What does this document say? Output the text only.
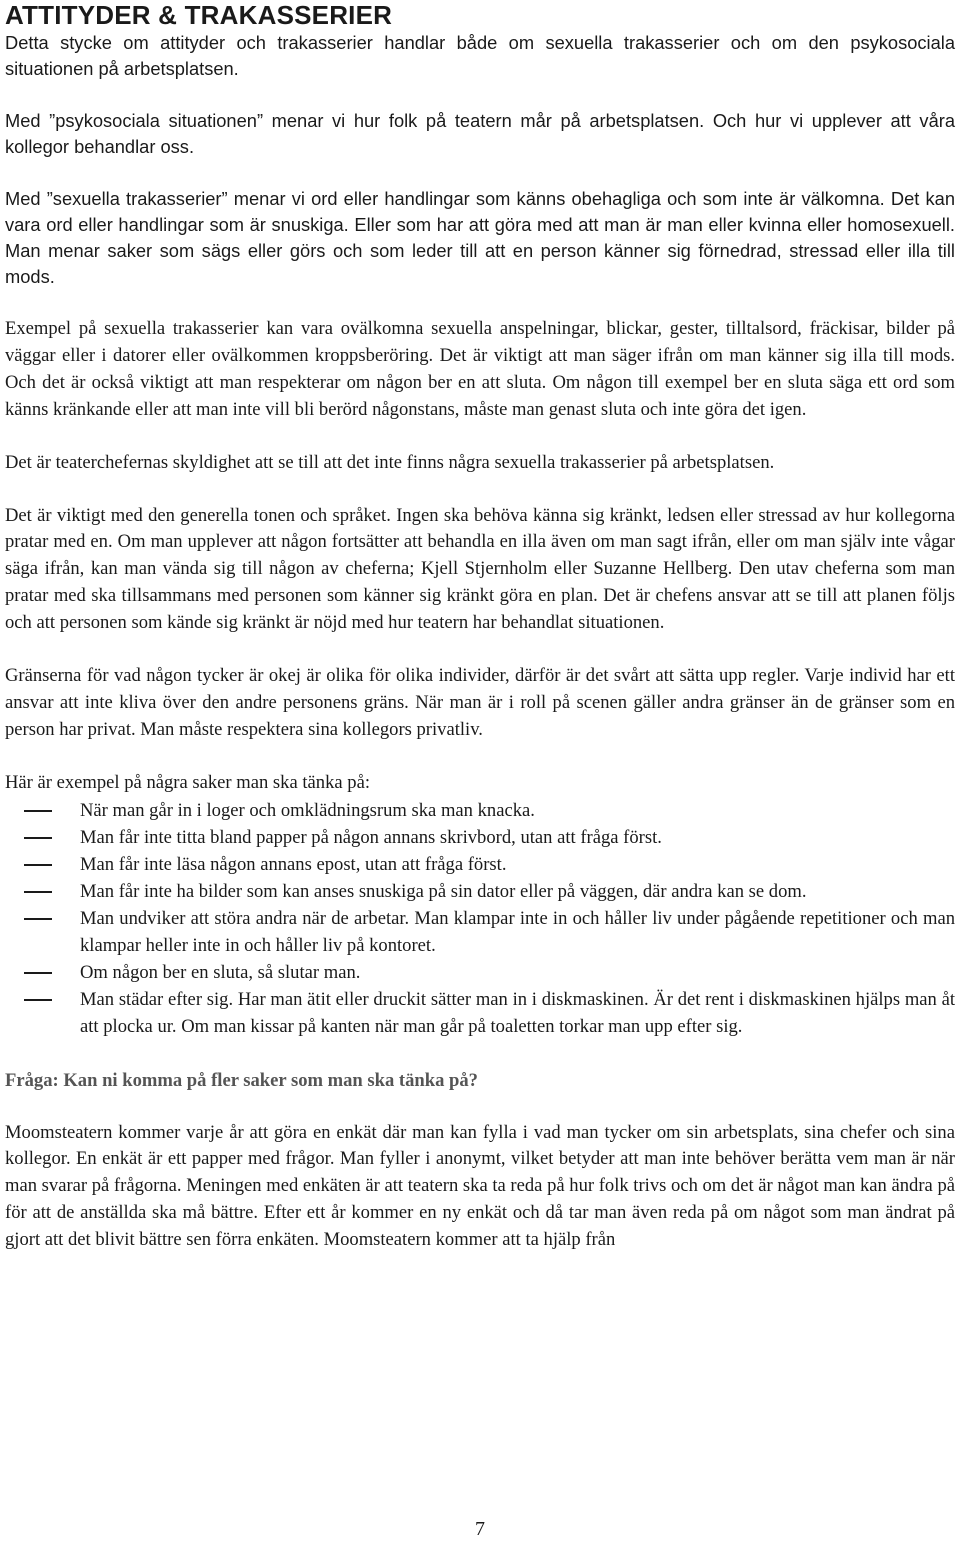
ATTITYDER & TRAKASSERIER

Detta stycke om attityder och trakasserier handlar både om sexuella trakasserier och om den psykosociala situationen på arbetsplatsen.

Med ”psykosociala situationen” menar vi hur folk på teatern mår på arbetsplatsen. Och hur vi upplever att våra kollegor behandlar oss.

Med ”sexuella trakasserier” menar vi ord eller handlingar som känns obehagliga och som inte är välkomna. Det kan vara ord eller handlingar som är snuskiga. Eller som har att göra med att man är man eller kvinna eller homosexuell. Man menar saker som sägs eller görs och som leder till att en person känner sig förnedrad, stressad eller illa till mods.

Exempel på sexuella trakasserier kan vara ovälkomna sexuella anspelningar, blickar, gester, tilltalsord, fräckisar, bilder på väggar eller i datorer eller ovälkommen kroppsberöring. Det är viktigt att man säger ifrån om man känner sig illa till mods. Och det är också viktigt att man respekterar om någon ber en att sluta. Om någon till exempel ber en sluta säga ett ord som känns kränkande eller att man inte vill bli berörd någonstans, måste man genast sluta och inte göra det igen.

Det är teaterchefernas skyldighet att se till att det inte finns några sexuella trakasserier på arbetsplatsen.

Det är viktigt med den generella tonen och språket. Ingen ska behöva känna sig kränkt, ledsen eller stressad av hur kollegorna pratar med en. Om man upplever att någon fortsätter att behandla en illa även om man sagt ifrån, eller om man själv inte vågar säga ifrån, kan man vända sig till någon av cheferna; Kjell Stjernholm eller Suzanne Hellberg. Den utav cheferna som man pratar med ska tillsammans med personen som känner sig kränkt göra en plan. Det är chefens ansvar att se till att planen följs och att personen som kände sig kränkt är nöjd med hur teatern har behandlat situationen.

Gränserna för vad någon tycker är okej är olika för olika individer, därför är det svårt att sätta upp regler. Varje individ har ett ansvar att inte kliva över den andre personens gräns. När man är i roll på scenen gäller andra gränser än de gränser som en person har privat. Man måste respektera sina kollegors privatliv.

Här är exempel på några saker man ska tänka på:

När man går in i loger och omklädningsrum ska man knacka.
Man får inte titta bland papper på någon annans skrivbord, utan att fråga först.
Man får inte läsa någon annans epost, utan att fråga först.
Man får inte ha bilder som kan anses snuskiga på sin dator eller på väggen, där andra kan se dom.
Man undviker att störa andra när de arbetar. Man klampar inte in och håller liv under pågående repetitioner och man klampar heller inte in och håller liv på kontoret.
Om någon ber en sluta, så slutar man.
Man städar efter sig. Har man ätit eller druckit sätter man in i diskmaskinen. Är det rent i diskmaskinen hjälps man åt att plocka ur. Om man kissar på kanten när man går på toaletten torkar man upp efter sig.

Fråga: Kan ni komma på fler saker som man ska tänka på?

Moomsteatern kommer varje år att göra en enkät där man kan fylla i vad man tycker om sin arbetsplats, sina chefer och sina kollegor. En enkät är ett papper med frågor. Man fyller i anonymt, vilket betyder att man inte behöver berätta vem man är när man svarar på frågorna. Meningen med enkäten är att teatern ska ta reda på hur folk trivs och om det är något man kan ändra på för att de anställda ska må bättre. Efter ett år kommer en ny enkät och då tar man även reda på om något som man ändrat på gjort att det blivit bättre sen förra enkäten. Moomsteatern kommer att ta hjälp från

7
